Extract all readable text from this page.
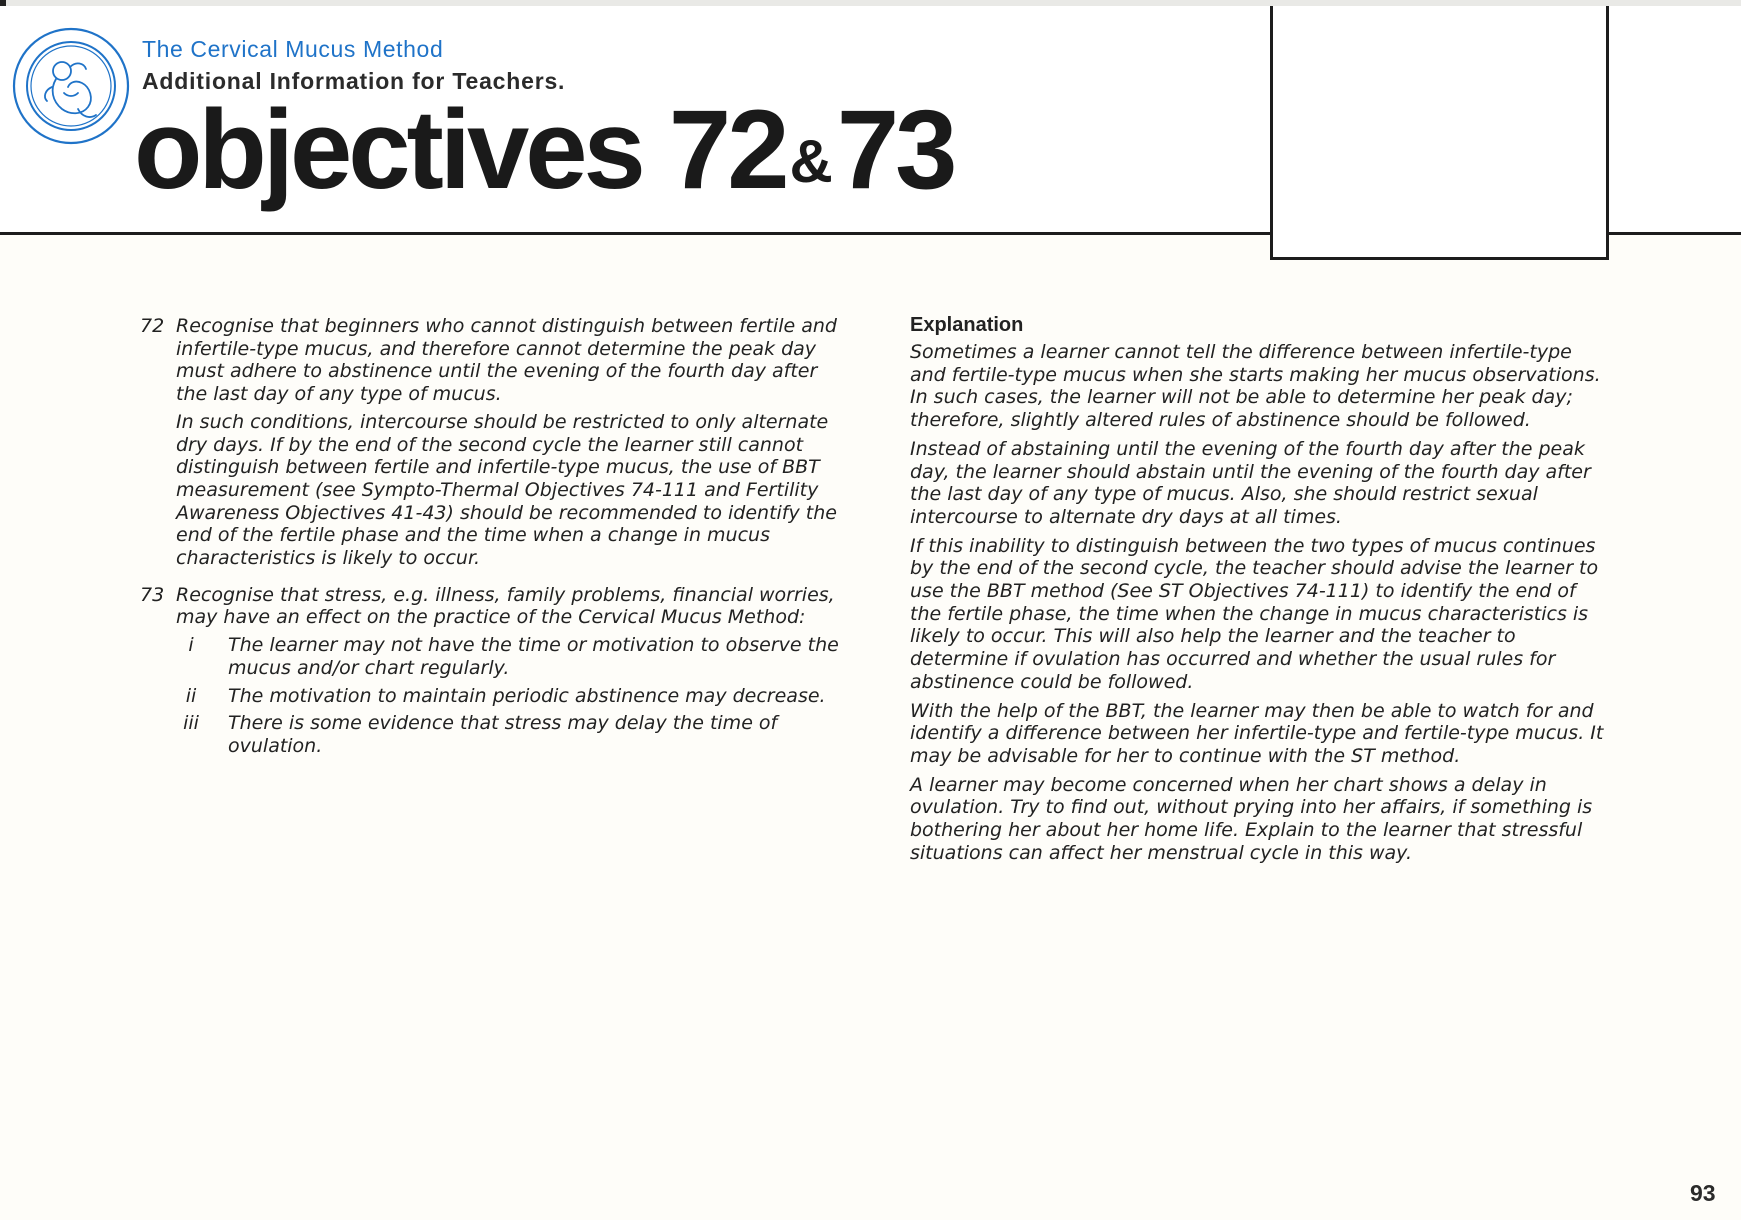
The Cervical Mucus Method
Additional Information for Teachers.
objectives 72&73
72 Recognise that beginners who cannot distinguish between fertile and infertile-type mucus, and therefore cannot determine the peak day must adhere to abstinence until the evening of the fourth day after the last day of any type of mucus.
In such conditions, intercourse should be restricted to only alternate dry days. If by the end of the second cycle the learner still cannot distinguish between fertile and infertile-type mucus, the use of BBT measurement (see Sympto-Thermal Objectives 74-111 and Fertility Awareness Objectives 41-43) should be recommended to identify the end of the fertile phase and the time when a change in mucus characteristics is likely to occur.
73 Recognise that stress, e.g. illness, family problems, financial worries, may have an effect on the practice of the Cervical Mucus Method:
i	The learner may not have the time or motivation to observe the mucus and/or chart regularly.
ii	The motivation to maintain periodic abstinence may decrease.
iii	There is some evidence that stress may delay the time of ovulation.
Explanation

Sometimes a learner cannot tell the difference between infertile-type and fertile-type mucus when she starts making her mucus observations. In such cases, the learner will not be able to determine her peak day; therefore, slightly altered rules of abstinence should be followed.

Instead of abstaining until the evening of the fourth day after the peak day, the learner should abstain until the evening of the fourth day after the last day of any type of mucus. Also, she should restrict sexual intercourse to alternate dry days at all times.

If this inability to distinguish between the two types of mucus continues by the end of the second cycle, the teacher should advise the learner to use the BBT method (See ST Objectives 74-111) to identify the end of the fertile phase, the time when the change in mucus characteristics is likely to occur. This will also help the learner and the teacher to determine if ovulation has occurred and whether the usual rules for abstinence could be followed.

With the help of the BBT, the learner may then be able to watch for and identify a difference between her infertile-type and fertile-type mucus. It may be advisable for her to continue with the ST method.

A learner may become concerned when her chart shows a delay in ovulation. Try to find out, without prying into her affairs, if something is bothering her about her home life. Explain to the learner that stressful situations can affect her menstrual cycle in this way.

93
